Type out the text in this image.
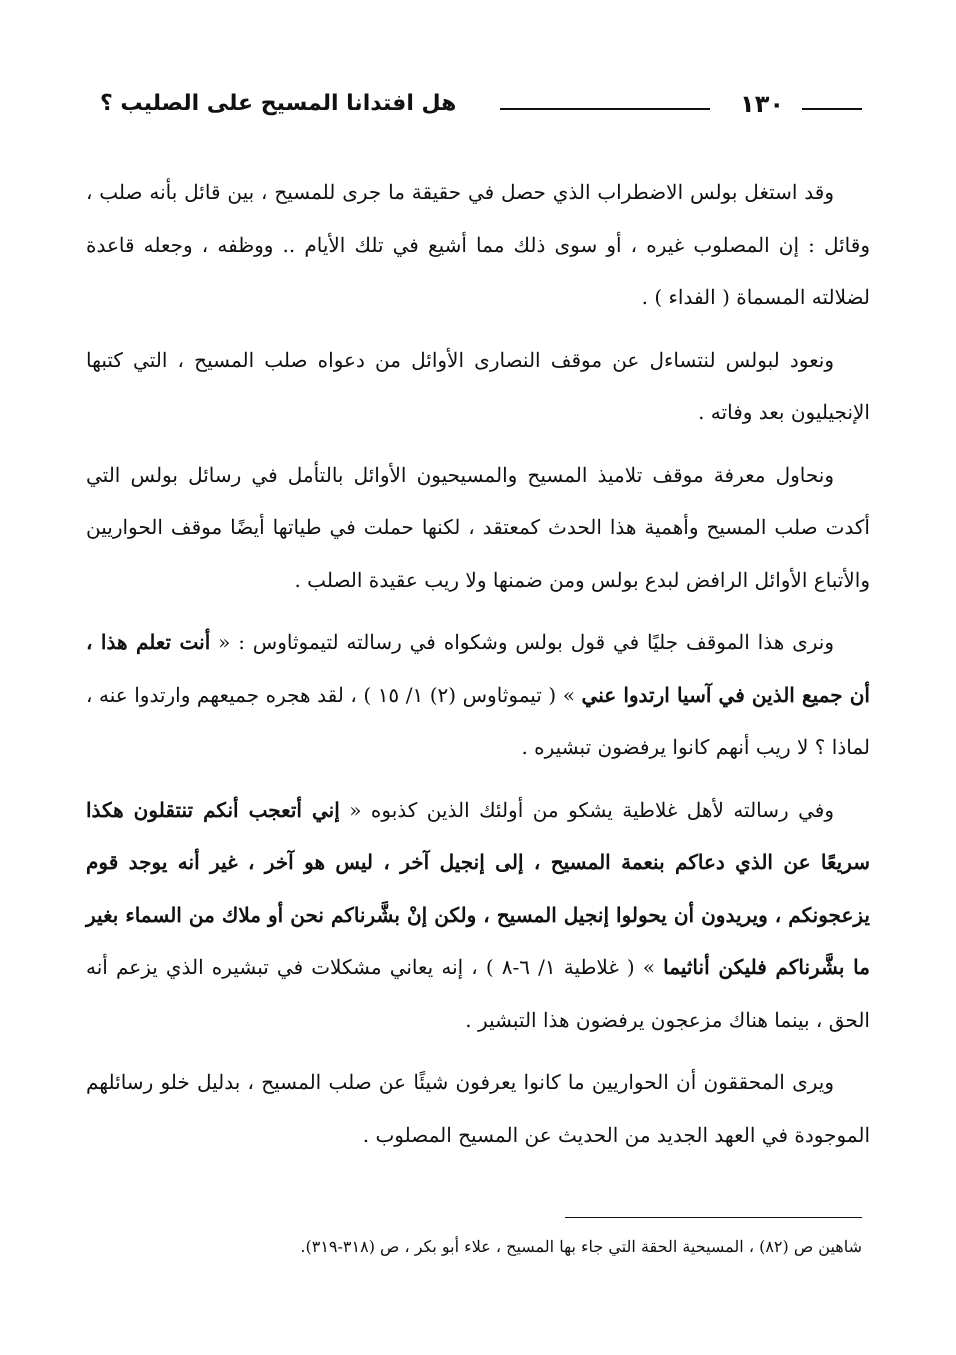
١٣٠
هل افتدانا المسيح على الصليب ؟

وقد استغل بولس الاضطراب الذي حصل في حقيقة ما جرى للمسيح ، بين قائل بأنه صلب ، وقائل : إن المصلوب غيره ، أو سوى ذلك مما أشيع في تلك الأيام .. ووظفه ، وجعله قاعدة لضلالته المسماة ( الفداء ) .

ونعود لبولس لنتساءل عن موقف النصارى الأوائل من دعواه صلب المسيح ، التي كتبها الإنجيليون بعد وفاته .

ونحاول معرفة موقف تلاميذ المسيح والمسيحيون الأوائل بالتأمل في رسائل بولس التي أكدت صلب المسيح وأهمية هذا الحدث كمعتقد ، لكنها حملت في طياتها أيضًا موقف الحواريين والأتباع الأوائل الرافض لبدع بولس ومن ضمنها ولا ريب عقيدة الصلب .

ونرى هذا الموقف جليًا في قول بولس وشكواه في رسالته لتيموثاوس : « أنت تعلم هذا ، أن جميع الذين في آسيا ارتدوا عني » ( تيموثاوس (٢) ١/ ١٥ ) ، لقد هجره جميعهم وارتدوا عنه ، لماذا ؟ لا ريب أنهم كانوا يرفضون تبشيره .

وفي رسالته لأهل غلاطية يشكو من أولئك الذين كذبوه « إني أتعجب أنكم تنتقلون هكذا سريعًا عن الذي دعاكم بنعمة المسيح ، إلى إنجيل آخر ، ليس هو آخر ، غير أنه يوجد قوم يزعجونكم ، ويريدون أن يحولوا إنجيل المسيح ، ولكن إنْ بشَّرناكم نحن أو ملاك من السماء بغير ما بشَّرناكم فليكن أناثيما » ( غلاطية ١/ ٦-٨ ) ، إنه يعاني مشكلات في تبشيره الذي يزعم أنه الحق ، بينما هناك مزعجون يرفضون هذا التبشير .

ويرى المحققون أن الحواريين ما كانوا يعرفون شيئًا عن صلب المسيح ، بدليل خلو رسائلهم الموجودة في العهد الجديد من الحديث عن المسيح المصلوب .

شاهين ص (٨٢) ، المسيحية الحقة التي جاء بها المسيح ، علاء أبو بكر ، ص (٣١٨-٣١٩).
